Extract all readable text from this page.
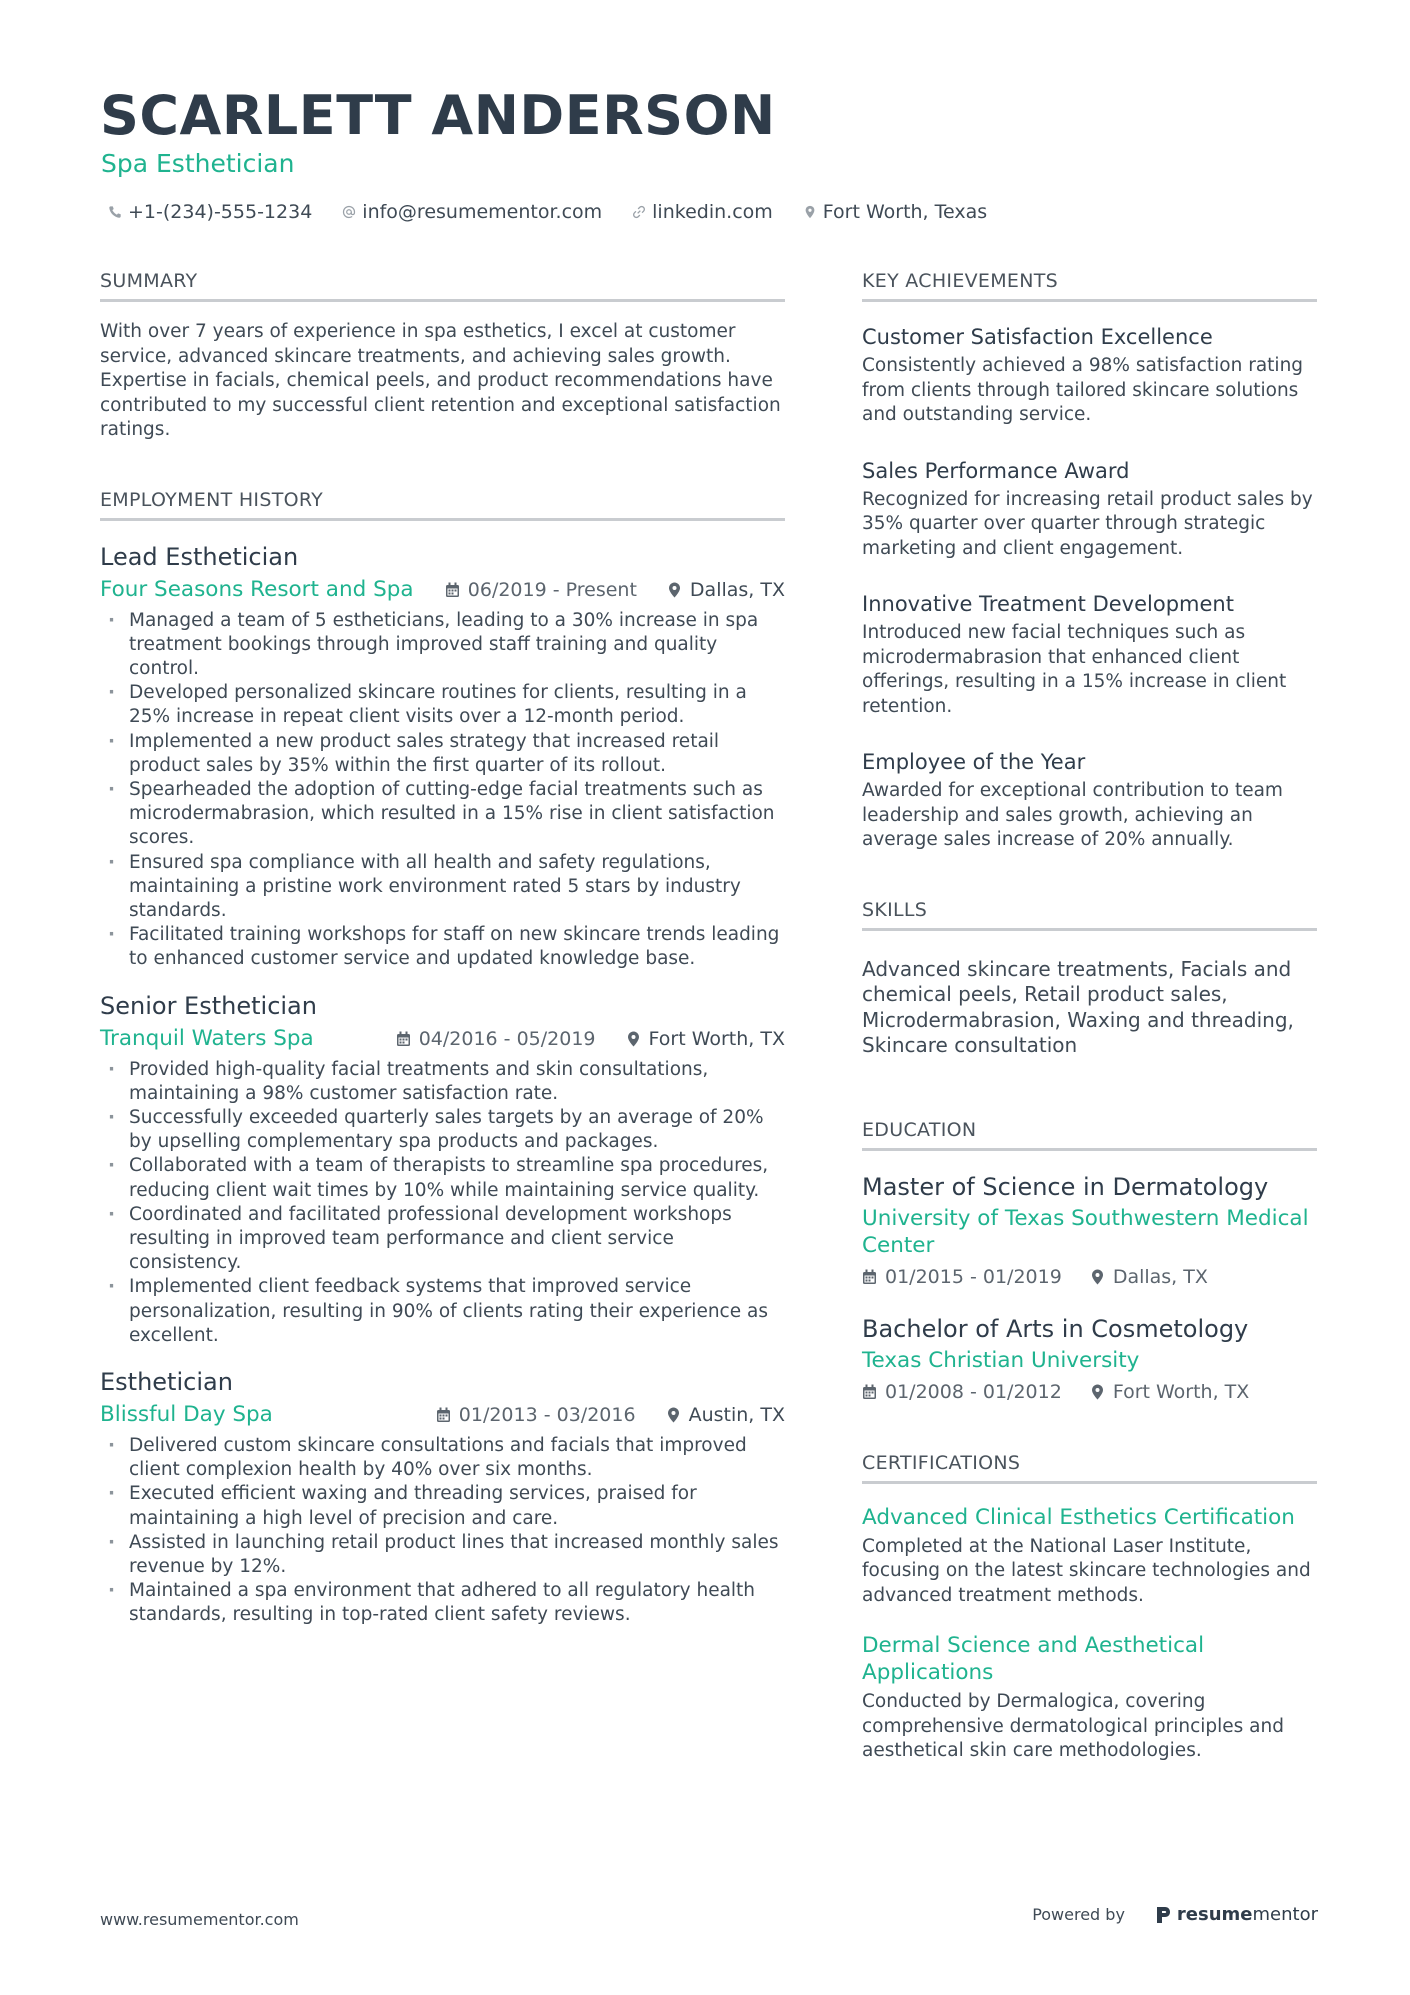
SCARLETT ANDERSON
Spa Esthetician
+1-(234)-555-1234	info@resumementor.com	linkedin.com	Fort Worth, Texas
SUMMARY

With over 7 years of experience in spa esthetics, I excel at customer service, advanced skincare treatments, and achieving sales growth. Expertise in facials, chemical peels, and product recommendations have contributed to my successful client retention and exceptional satisfaction ratings.

EMPLOYMENT HISTORY
Lead Esthetician
Four Seasons Resort and Spa	06/2019 - Present	Dallas, TX
· Managed a team of 5 estheticians, leading to a 30% increase in spa treatment bookings through improved staff training and quality control.
· Developed personalized skincare routines for clients, resulting in a 25% increase in repeat client visits over a 12-month period.
· Implemented a new product sales strategy that increased retail product sales by 35% within the first quarter of its rollout.
· Spearheaded the adoption of cutting-edge facial treatments such as microdermabrasion, which resulted in a 15% rise in client satisfaction scores.
· Ensured spa compliance with all health and safety regulations, maintaining a pristine work environment rated 5 stars by industry standards.
· Facilitated training workshops for staff on new skincare trends leading to enhanced customer service and updated knowledge base.
Senior Esthetician
Tranquil Waters Spa	04/2016 - 05/2019	Fort Worth, TX
· Provided high-quality facial treatments and skin consultations, maintaining a 98% customer satisfaction rate.
· Successfully exceeded quarterly sales targets by an average of 20% by upselling complementary spa products and packages.
· Collaborated with a team of therapists to streamline spa procedures, reducing client wait times by 10% while maintaining service quality.
· Coordinated and facilitated professional development workshops resulting in improved team performance and client service consistency.
· Implemented client feedback systems that improved service personalization, resulting in 90% of clients rating their experience as excellent.
Esthetician
Blissful Day Spa	01/2013 - 03/2016	Austin, TX
· Delivered custom skincare consultations and facials that improved client complexion health by 40% over six months.
· Executed efficient waxing and threading services, praised for maintaining a high level of precision and care.
· Assisted in launching retail product lines that increased monthly sales revenue by 12%.
· Maintained a spa environment that adhered to all regulatory health standards, resulting in top-rated client safety reviews.
KEY ACHIEVEMENTS
Customer Satisfaction Excellence

Consistently achieved a 98% satisfaction rating from clients through tailored skincare solutions and outstanding service.

Sales Performance Award

Recognized for increasing retail product sales by 35% quarter over quarter through strategic marketing and client engagement.

Innovative Treatment Development

Introduced new facial techniques such as microdermabrasion that enhanced client offerings, resulting in a 15% increase in client retention.

Employee of the Year

Awarded for exceptional contribution to team leadership and sales growth, achieving an average sales increase of 20% annually.

SKILLS
Advanced skincare treatments, Facials and chemical peels, Retail product sales, Microdermabrasion, Waxing and threading, Skincare consultation
EDUCATION
Master of Science in Dermatology
University of Texas Southwestern Medical Center
01/2015 - 01/2019	Dallas, TX
Bachelor of Arts in Cosmetology
Texas Christian University
01/2008 - 01/2012	Fort Worth, TX
CERTIFICATIONS
Advanced Clinical Esthetics Certification

Completed at the National Laser Institute, focusing on the latest skincare technologies and advanced treatment methods.

Dermal Science and Aesthetical Applications

Conducted by Dermalogica, covering comprehensive dermatological principles and aesthetical skin care methodologies.

www.resumementor.com	Powered by	resumementor
